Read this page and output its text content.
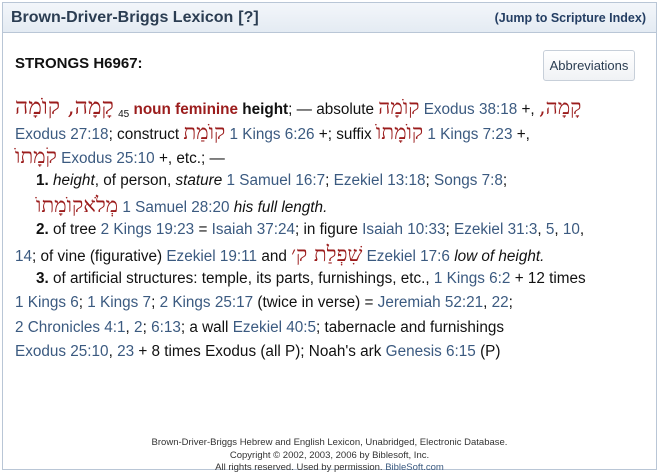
Brown-Driver-Briggs Lexicon [?]	(Jump to Scripture Index)
STRONGS H6967:	Abbreviations
קָמָה, קוֺמָה $_{45}$ noun feminine height; — absolute קוֺמָה Exodus 38:18 +, קָמָה,
Exodus 27:18; construct קוֺמַת 1 Kings 6:26 +; suffix קוֺמָתוֺ 1 Kings 7:23 +,
קֹמָתוֺ Exodus 25:10 +, etc.; —
1. height, of person, stature 1 Samuel 16:7; Ezekiel 13:18; Songs 7:8;
מְלֹאקוֺמָתוֺ 1 Samuel 28:20 his full length.
2. of tree 2 Kings 19:23 = Isaiah 37:24; in figure Isaiah 10:33; Ezekiel 31:3, 5, 10,
14; of vine (figurative) Ezekiel 19:11 and שִׁפְלַת ק׳ Ezekiel 17:6 low of height.
3. of artificial structures: temple, its parts, furnishings, etc., 1 Kings 6:2 + 12 times
1 Kings 6; 1 Kings 7; 2 Kings 25:17 (twice in verse) = Jeremiah 52:21, 22;
2 Chronicles 4:1, 2; 6:13; a wall Ezekiel 40:5; tabernacle and furnishings
Exodus 25:10, 23 + 8 times Exodus (all P); Noah's ark Genesis 6:15 (P)
Brown-Driver-Briggs Hebrew and English Lexicon, Unabridged, Electronic Database.
Copyright © 2002, 2003, 2006 by Biblesoft, Inc.
All rights reserved. Used by permission. BibleSoft.com
